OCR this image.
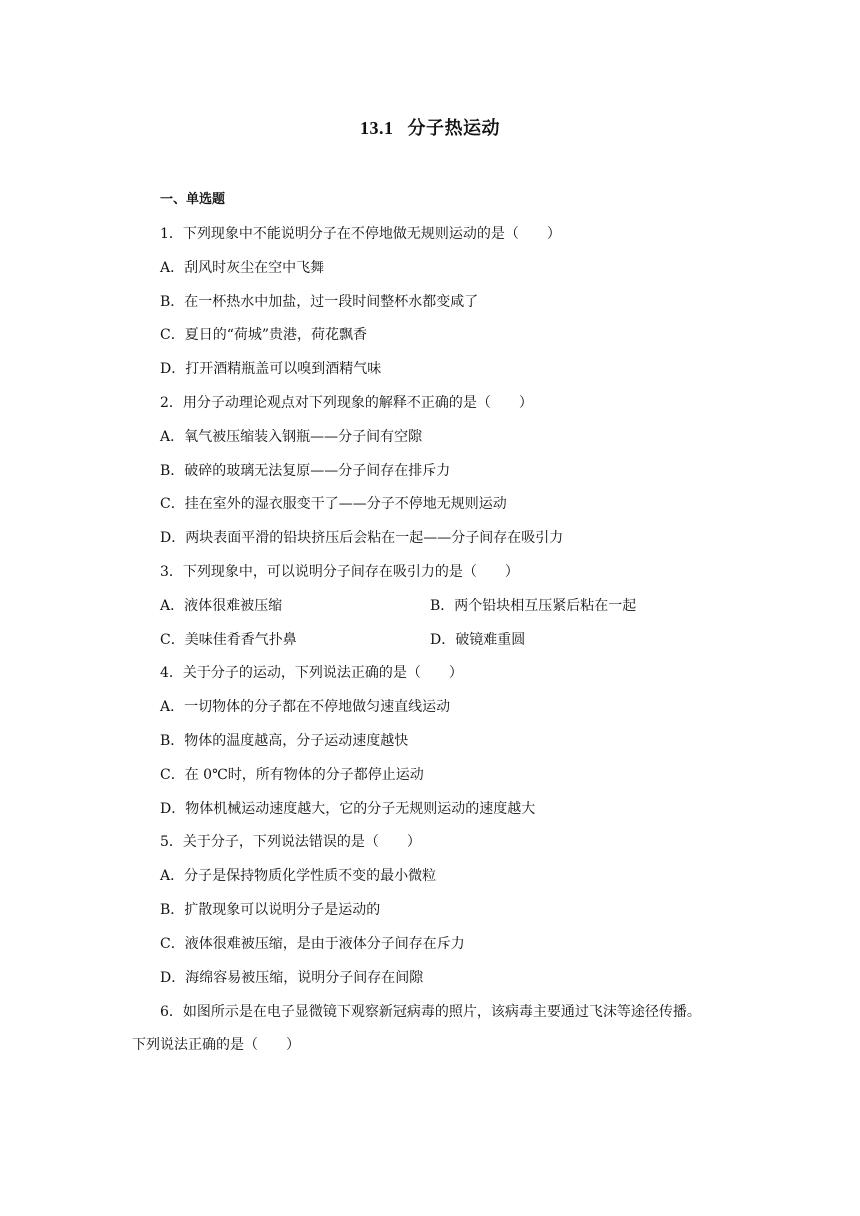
13.1 分子热运动
一、单选题
1．下列现象中不能说明分子在不停地做无规则运动的是（　　）
A．刮风时灰尘在空中飞舞
B．在一杯热水中加盐，过一段时间整杯水都变咸了
C．夏日的“荷城”贵港，荷花飘香
D．打开酒精瓶盖可以嗅到酒精气味
2．用分子动理论观点对下列现象的解释不正确的是（　　）
A．氧气被压缩装入钢瓶——分子间有空隙
B．破碎的玻璃无法复原——分子间存在排斥力
C．挂在室外的湿衣服变干了——分子不停地无规则运动
D．两块表面平滑的铅块挤压后会粘在一起——分子间存在吸引力
3．下列现象中，可以说明分子间存在吸引力的是（　　）
A．液体很难被压缩	B．两个铅块相互压紧后粘在一起
C．美味佳肴香气扑鼻	D．破镜难重圆
4．关于分子的运动，下列说法正确的是（　　）
A．一切物体的分子都在不停地做匀速直线运动
B．物体的温度越高，分子运动速度越快
C．在 0℃时，所有物体的分子都停止运动
D．物体机械运动速度越大，它的分子无规则运动的速度越大
5．关于分子，下列说法错误的是（　　）
A．分子是保持物质化学性质不变的最小微粒
B．扩散现象可以说明分子是运动的
C．液体很难被压缩，是由于液体分子间存在斥力
D．海绵容易被压缩，说明分子间存在间隙
6．如图所示是在电子显微镜下观察新冠病毒的照片，该病毒主要通过飞沫等途径传播。
下列说法正确的是（　　）
